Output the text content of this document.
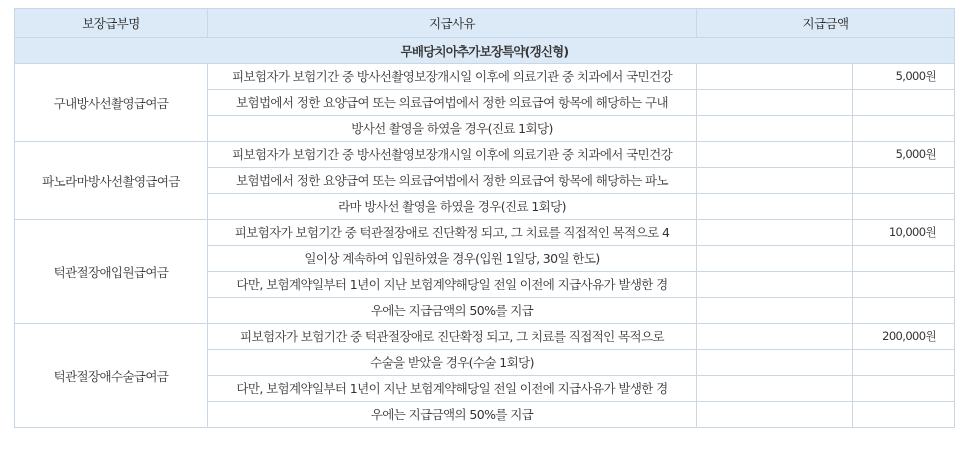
보장급부명	지급사유	지급금액	
무배당치아추가보장특약(갱신형)			
구내방사선촬영급여금	피보험자가 보험기간 중 방사선촬영보장개시일 이후에 의료기관 중 치과에서 국민건강		5,000원
	보험법에서 정한 요양급여 또는 의료급여법에서 정한 의료급여 항목에 해당하는 구내		
	방사선 촬영을 하였을 경우(진료 1회당)		
파노라마방사선촬영급여금	피보험자가 보험기간 중 방사선촬영보장개시일 이후에 의료기관 중 치과에서 국민건강		5,000원
	보험법에서 정한 요양급여 또는 의료급여법에서 정한 의료급여 항목에 해당하는 파노		
	라마 방사선 촬영을 하였을 경우(진료 1회당)		
턱관절장애입원급여금	피보험자가 보험기간 중 턱관절장애로 진단확정 되고, 그 치료를 직접적인 목적으로 4		10,000원
	일이상 계속하여 입원하였을 경우(입원 1일당, 30일 한도)		
	다만, 보험계약일부터 1년이 지난 보험계약해당일 전일 이전에 지급사유가 발생한 경		
	우에는 지급금액의 50%를 지급		
턱관절장애수술급여금	피보험자가 보험기간 중 턱관절장애로 진단확정 되고, 그 치료를 직접적인 목적으로		200,000원
	수술을 받았을 경우(수술 1회당)		
	다만, 보험계약일부터 1년이 지난 보험계약해당일 전일 이전에 지급사유가 발생한 경		
	우에는 지급금액의 50%를 지급		
